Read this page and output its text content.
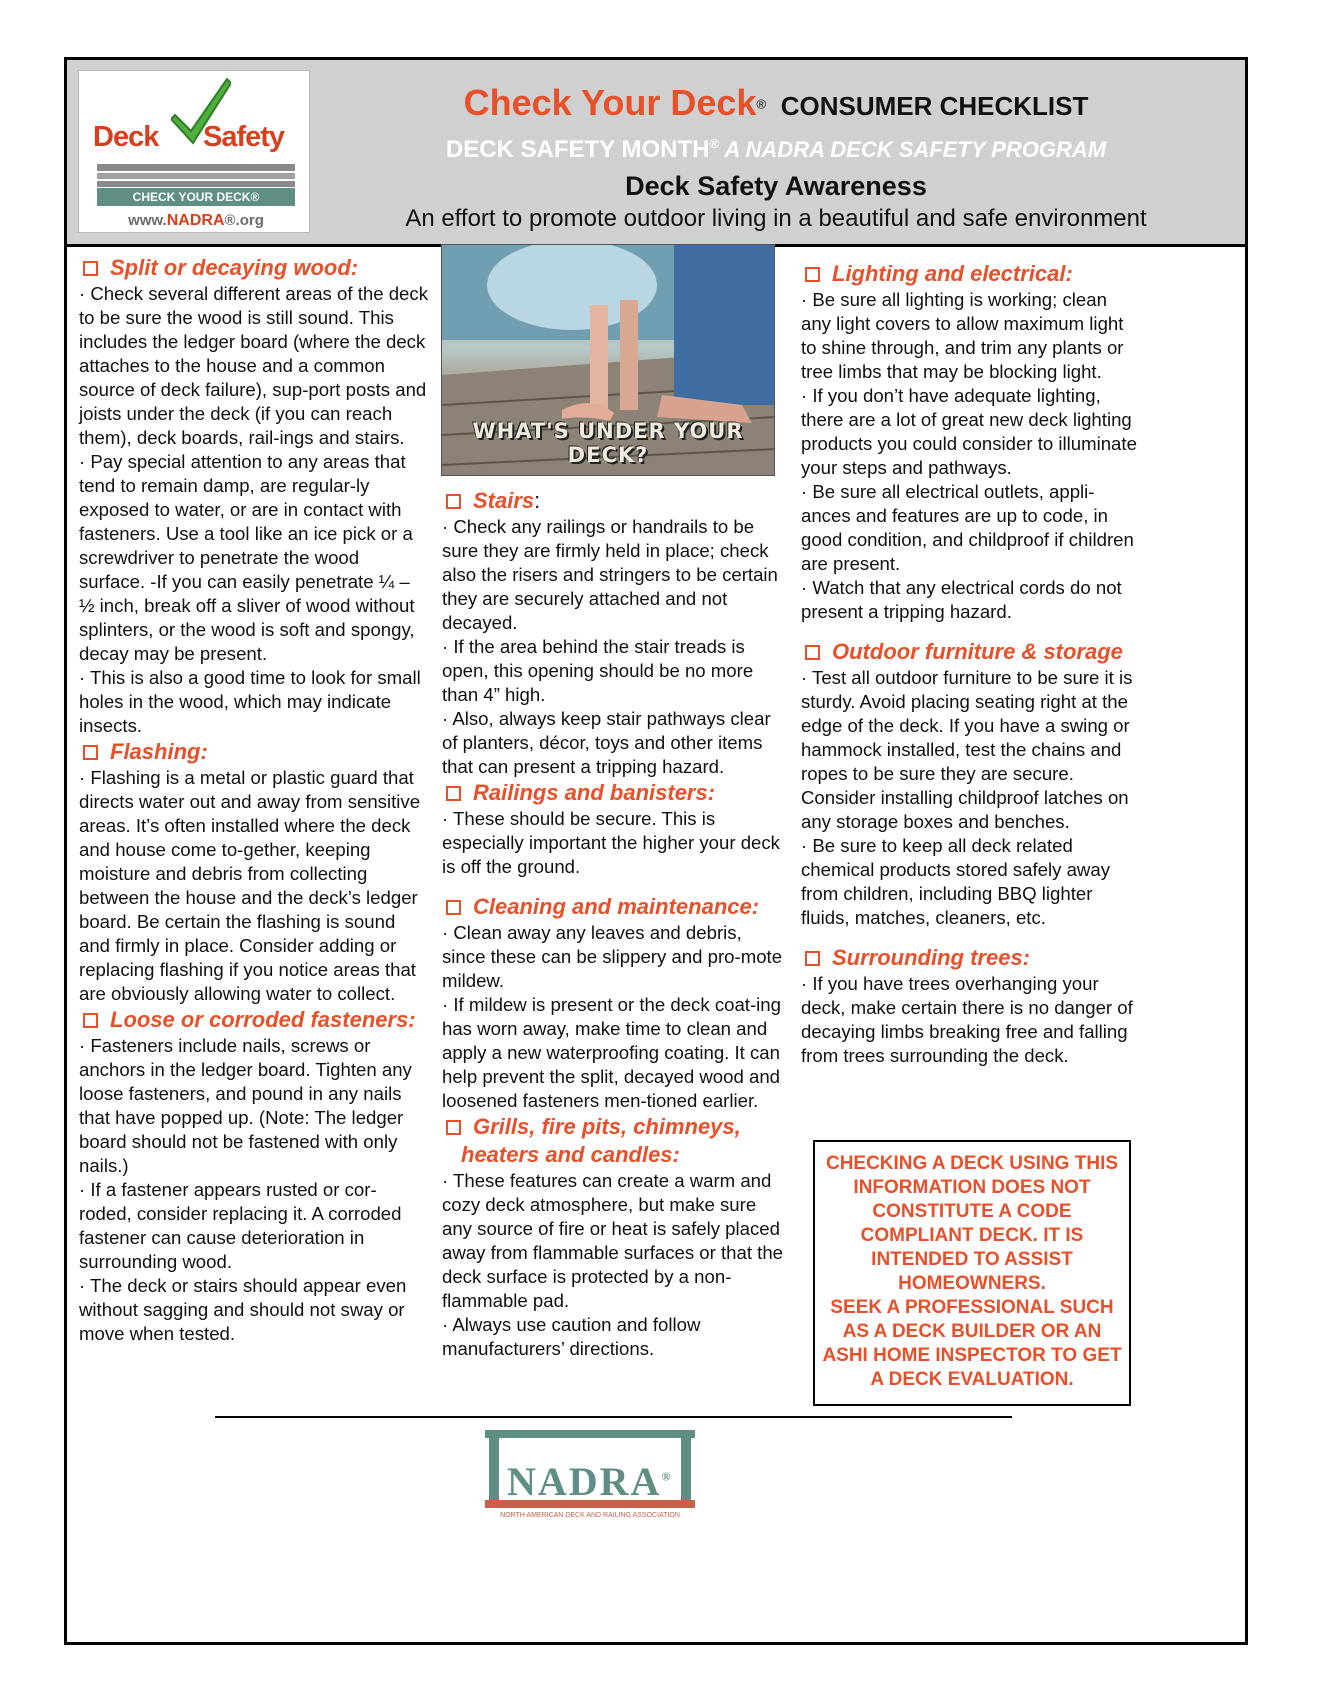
Deck Safety
CHECK YOUR DECK®
www.NADRA®.org
Check Your Deck® CONSUMER CHECKLIST
DECK SAFETY MONTH® A NADRA DECK SAFETY PROGRAM
Deck Safety Awareness
An effort to promote outdoor living in a beautiful and safe environment
Split or decaying wood:

· Check several different areas of the deck to be sure the wood is still sound. This includes the ledger board (where the deck attaches to the house and a common source of deck failure), sup-port posts and joists under the deck (if you can reach them), deck boards, rail-ings and stairs.

· Pay special attention to any areas that tend to remain damp, are regular-ly exposed to water, or are in contact with fasteners. Use a tool like an ice pick or a screwdriver to penetrate the wood surface. -If you can easily penetrate ¼ – ½ inch, break off a sliver of wood without splinters, or the wood is soft and spongy, decay may be present.

· This is also a good time to look for small holes in the wood, which may indicate insects.

Flashing:

· Flashing is a metal or plastic guard that directs water out and away from sensitive areas. It’s often installed where the deck and house come to-gether, keeping moisture and debris from collecting between the house and the deck’s ledger board. Be certain the flashing is sound and firmly in place. Consider adding or replacing flashing if you notice areas that are obviously allowing water to collect.

Loose or corroded fasteners:

· Fasteners include nails, screws or anchors in the ledger board. Tighten any loose fasteners, and pound in any nails that have popped up. (Note: The ledger board should not be fastened with only nails.)

· If a fastener appears rusted or cor-roded, consider replacing it. A corroded fastener can cause deterioration in surrounding wood.

· The deck or stairs should appear even without sagging and should not sway or move when tested.

WHAT'S UNDER YOUR DECK?
Stairs :

· Check any railings or handrails to be sure they are firmly held in place; check also the risers and stringers to be certain they are securely attached and not decayed.

· If the area behind the stair treads is open, this opening should be no more than 4” high.

· Also, always keep stair pathways clear of planters, décor, toys and other items that can present a tripping hazard.

Railings and banisters:

· These should be secure. This is especially important the higher your deck is off the ground.

Cleaning and maintenance:

· Clean away any leaves and debris, since these can be slippery and pro-mote mildew.

· If mildew is present or the deck coat-ing has worn away, make time to clean and apply a new waterproofing coating. It can help prevent the split, decayed wood and loosened fasteners men-tioned earlier.

Grills, fire pits, chimneys,
heaters and candles:

· These features can create a warm and cozy deck atmosphere, but make sure any source of fire or heat is safely placed away from flammable surfaces or that the deck surface is protected by a non-flammable pad.

· Always use caution and follow manufacturers’ directions.

Lighting and electrical:

· Be sure all lighting is working; clean any light covers to allow maximum light to shine through, and trim any plants or tree limbs that may be blocking light.

· If you don’t have adequate lighting, there are a lot of great new deck lighting products you could consider to illuminate your steps and pathways.

· Be sure all electrical outlets, appli-ances and features are up to code, in good condition, and childproof if children are present.

· Watch that any electrical cords do not present a tripping hazard.

Outdoor furniture & storage

· Test all outdoor furniture to be sure it is sturdy. Avoid placing seating right at the edge of the deck. If you have a swing or hammock installed, test the chains and ropes to be sure they are secure. Consider installing childproof latches on any storage boxes and benches.

· Be sure to keep all deck related chemical products stored safely away from children, including BBQ lighter fluids, matches, cleaners, etc.

Surrounding trees:

· If you have trees overhanging your deck, make certain there is no danger of decaying limbs breaking free and falling from trees surrounding the deck.

CHECKING A DECK USING THIS INFORMATION DOES NOT CONSTITUTE A CODE COMPLIANT DECK. IT IS INTENDED TO ASSIST HOMEOWNERS.

SEEK A PROFESSIONAL SUCH AS A DECK BUILDER OR AN ASHI HOME INSPECTOR TO GET A DECK EVALUATION.

NADRA®
NORTH AMERICAN DECK AND RAILING ASSOCIATION
